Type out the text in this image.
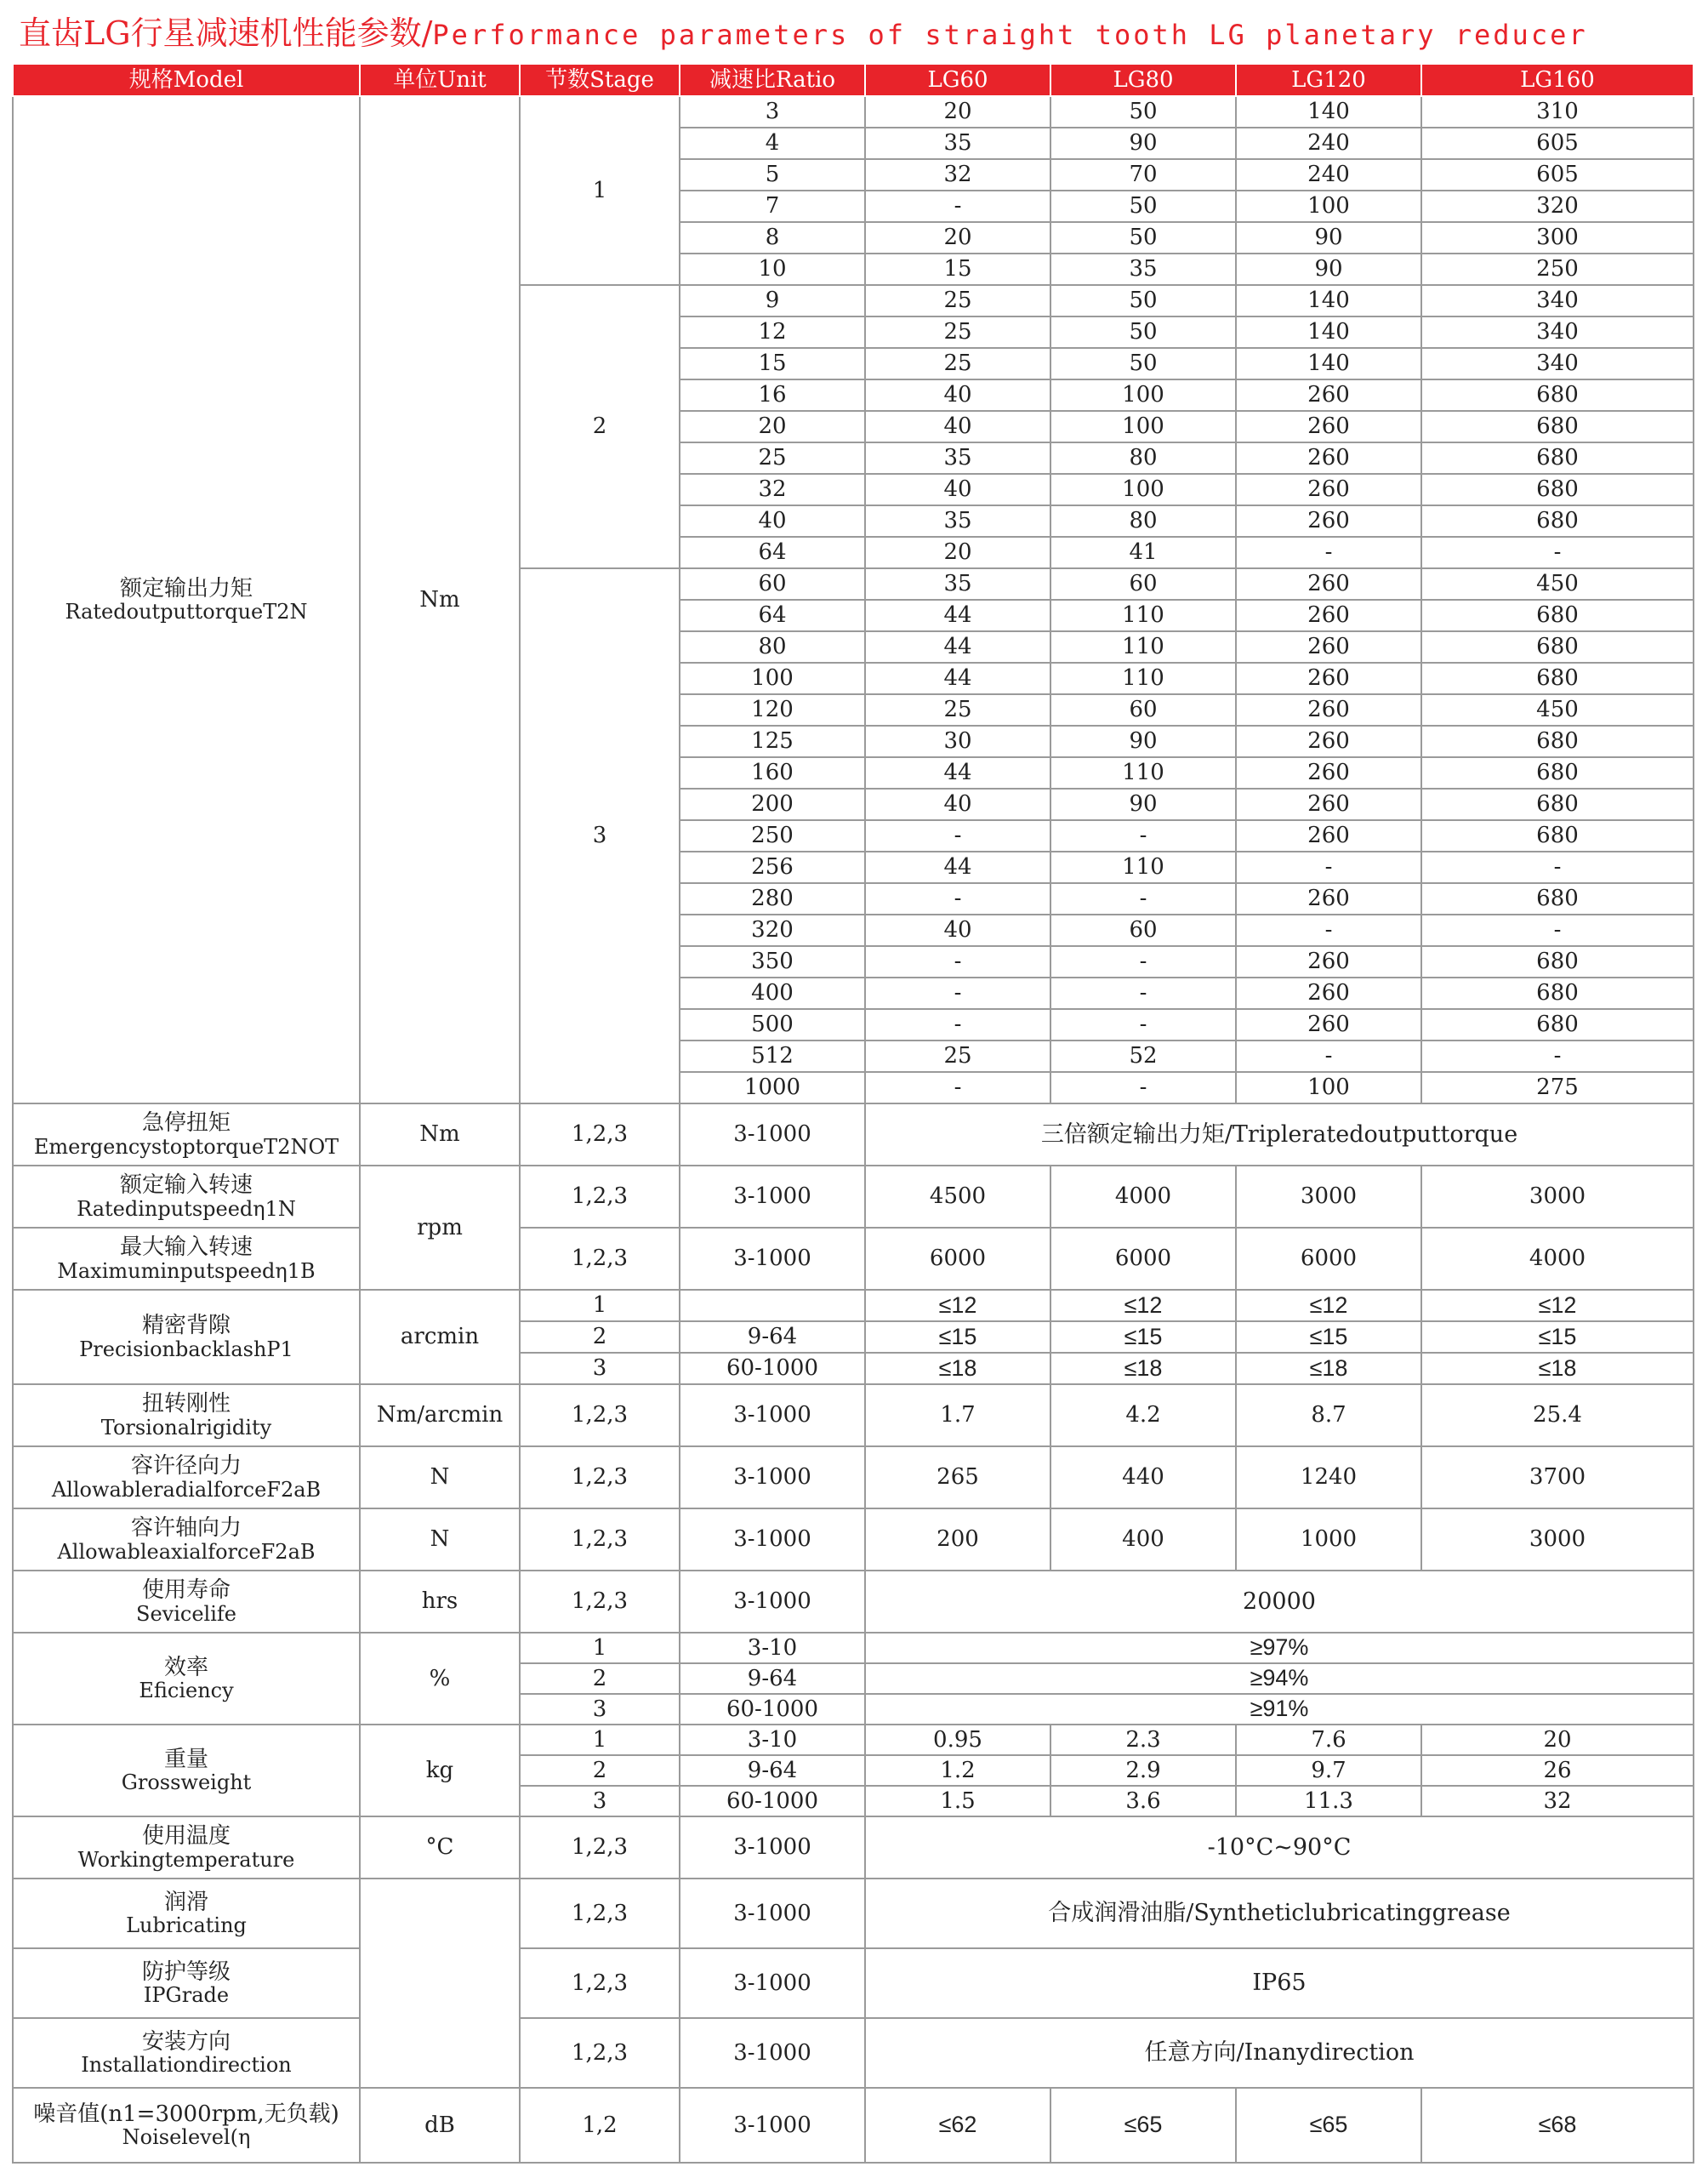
直齿LG行星减速机性能参数/Performance parameters of straight tooth LG planetary reducer
规格Model	单位Unit	节数Stage	减速比Ratio	LG60	LG80	LG120	LG160

额定输出力矩
RatedoutputtorqueT2N	Nm	1	3	20	50	140	310
			4	35	90	240	605
			5	32	70	240	605
			7	-	50	100	320
			8	20	50	90	300
			10	15	35	90	250
		2	9	25	50	140	340
			12	25	50	140	340
			15	25	50	140	340
			16	40	100	260	680
			20	40	100	260	680
			25	35	80	260	680
			32	40	100	260	680
			40	35	80	260	680
			64	20	41	-	-
		3	60	35	60	260	450
			64	44	110	260	680
			80	44	110	260	680
			100	44	110	260	680
			120	25	60	260	450
			125	30	90	260	680
			160	44	110	260	680
			200	40	90	260	680
			250	-	-	260	680
			256	44	110	-	-
			280	-	-	260	680
			320	40	60	-	-
			350	-	-	260	680
			400	-	-	260	680
			500	-	-	260	680
			512	25	52	-	-
			1000	-	-	100	275

急停扭矩
EmergencystoptorqueT2NOT	Nm	1,2,3	3-1000	三倍额定输出力矩/Tripleratedoutputtorque			

额定输入转速
Ratedinputspeedη1N	rpm	1,2,3	3-1000	4500	4000	3000	3000

最大输入转速
Maximuminputspeedη1B		1,2,3	3-1000	6000	6000	6000	4000

精密背隙
PrecisionbacklashP1	arcmin	1		≤12	≤12	≤12	≤12
		2	9-64	≤15	≤15	≤15	≤15
		3	60-1000	≤18	≤18	≤18	≤18

扭转刚性
Torsionalrigidity	Nm/arcmin	1,2,3	3-1000	1.7	4.2	8.7	25.4

容许径向力
AllowableradialforceF2aB	N	1,2,3	3-1000	265	440	1240	3700

容许轴向力
AllowableaxialforceF2aB	N	1,2,3	3-1000	200	400	1000	3000

使用寿命
Sevicelife	hrs	1,2,3	3-1000	20000			

效率
Eficiency	%	1	3-10	≥97%			
		2	9-64	≥94%			
		3	60-1000	≥91%			

重量
Grossweight	kg	1	3-10	0.95	2.3	7.6	20
		2	9-64	1.2	2.9	9.7	26
		3	60-1000	1.5	3.6	11.3	32

使用温度
Workingtemperature	°C	1,2,3	3-1000	-10°C~90°C			

润滑
Lubricating		1,2,3	3-1000	合成润滑油脂/Syntheticlubricatinggrease			

防护等级
IPGrade		1,2,3	3-1000	IP65			

安装方向
Installationdirection		1,2,3	3-1000	任意方向/Inanydirection			

噪音值(n1=3000rpm,无负载)
Noiselevel(η	dB	1,2	3-1000	≤62	≤65	≤65	≤68
